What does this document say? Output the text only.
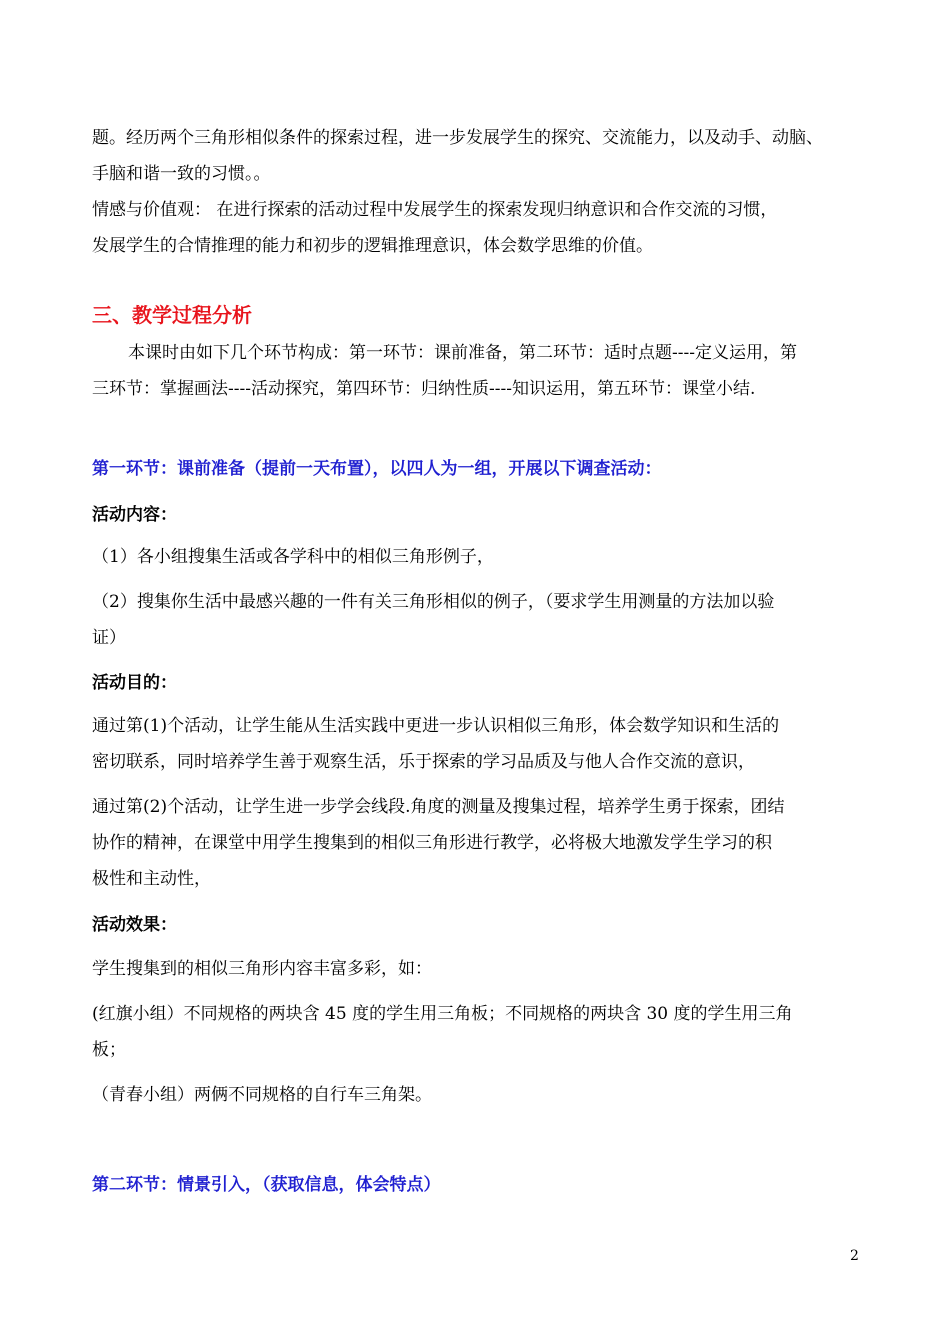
题。经历两个三角形相似条件的探索过程，进一步发展学生的探究、交流能力，以及动手、动脑、
手脑和谐一致的习惯。。
情感与价值观： 在进行探索的活动过程中发展学生的探索发现归纳意识和合作交流的习惯，
发展学生的合情推理的能力和初步的逻辑推理意识，体会数学思维的价值。
三、教学过程分析
本课时由如下几个环节构成：第一环节：课前准备，第二环节：适时点题----定义运用，第
三环节：掌握画法----活动探究，第四环节：归纳性质----知识运用，第五环节：课堂小结.
第一环节：课前准备（提前一天布置），以四人为一组，开展以下调查活动：
活动内容：
（1）各小组搜集生活或各学科中的相似三角形例子，
（2）搜集你生活中最感兴趣的一件有关三角形相似的例子，（要求学生用测量的方法加以验
证）
活动目的：
通过第(1)个活动，让学生能从生活实践中更进一步认识相似三角形，体会数学知识和生活的
密切联系，同时培养学生善于观察生活，乐于探索的学习品质及与他人合作交流的意识，
通过第(2)个活动，让学生进一步学会线段.角度的测量及搜集过程，培养学生勇于探索，团结
协作的精神，在课堂中用学生搜集到的相似三角形进行教学，必将极大地激发学生学习的积
极性和主动性，
活动效果：
学生搜集到的相似三角形内容丰富多彩，如：
(红旗小组）不同规格的两块含 45 度的学生用三角板；不同规格的两块含 30 度的学生用三角
板；
（青春小组）两俩不同规格的自行车三角架。
第二环节：情景引入，（获取信息，体会特点）
2
